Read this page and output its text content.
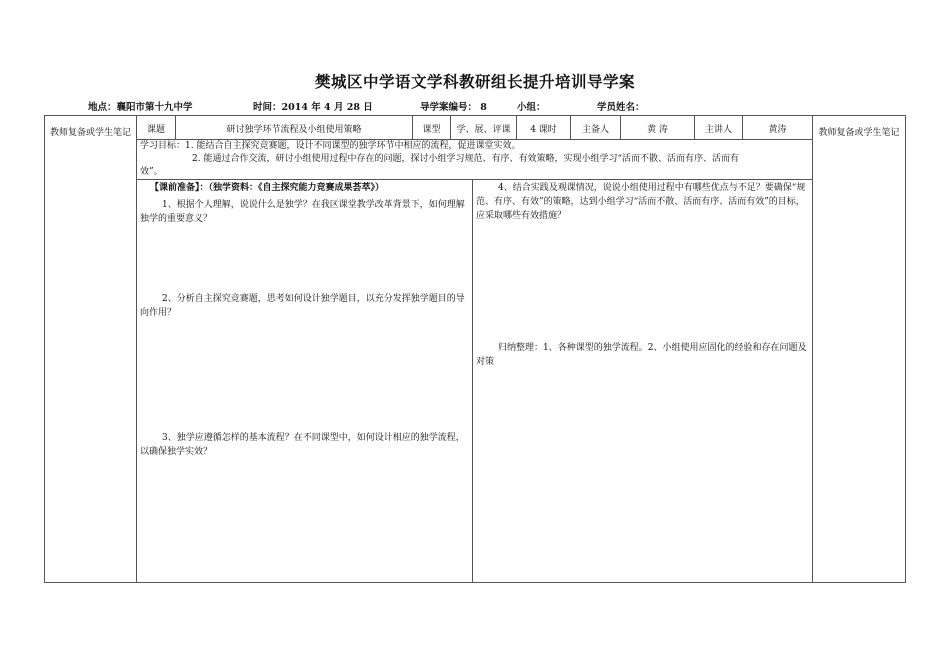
樊城区中学语文学科教研组长提升培训导学案
地点：襄阳市第十九中学	时间：2014 年 4 月 28 日	导学案编号： 8	小组：	学员姓名：
教师复备或学生笔记	教师复备或学生笔记
课题	研讨独学环节流程及小组使用策略	课型	学、展、评课	4 课时	主备人	黄 涛	主讲人	黄涛
学习目标：1. 能结合自主探究竞赛题，设计不同课型的独学环节中相应的流程，促进课堂实效。
2. 能通过合作交流，研讨小组使用过程中存在的问题，探讨小组学习规范、有序、有效策略，实现小组学习“活而不散、活而有序、活而有
效”。
【课前准备】：（独学资料：《自主探究能力竞赛成果荟萃》）
1、根据个人理解，说说什么是独学？在我区课堂教学改革背景下，如何理解独学的重要意义？
2、分析自主探究竞赛题，思考如何设计独学题目，以充分发挥独学题目的导向作用？
3、独学应遵循怎样的基本流程？在不同课型中，如何设计相应的独学流程，以确保独学实效？
4、结合实践及观课情况，说说小组使用过程中有哪些优点与不足？要确保“规范、有序、有效”的策略，达到小组学习“活而不散、活而有序、活而有效”的目标，应采取哪些有效措施？
归纳整理：1、各种课型的独学流程。2、小组使用应固化的经验和存在问题及对策
